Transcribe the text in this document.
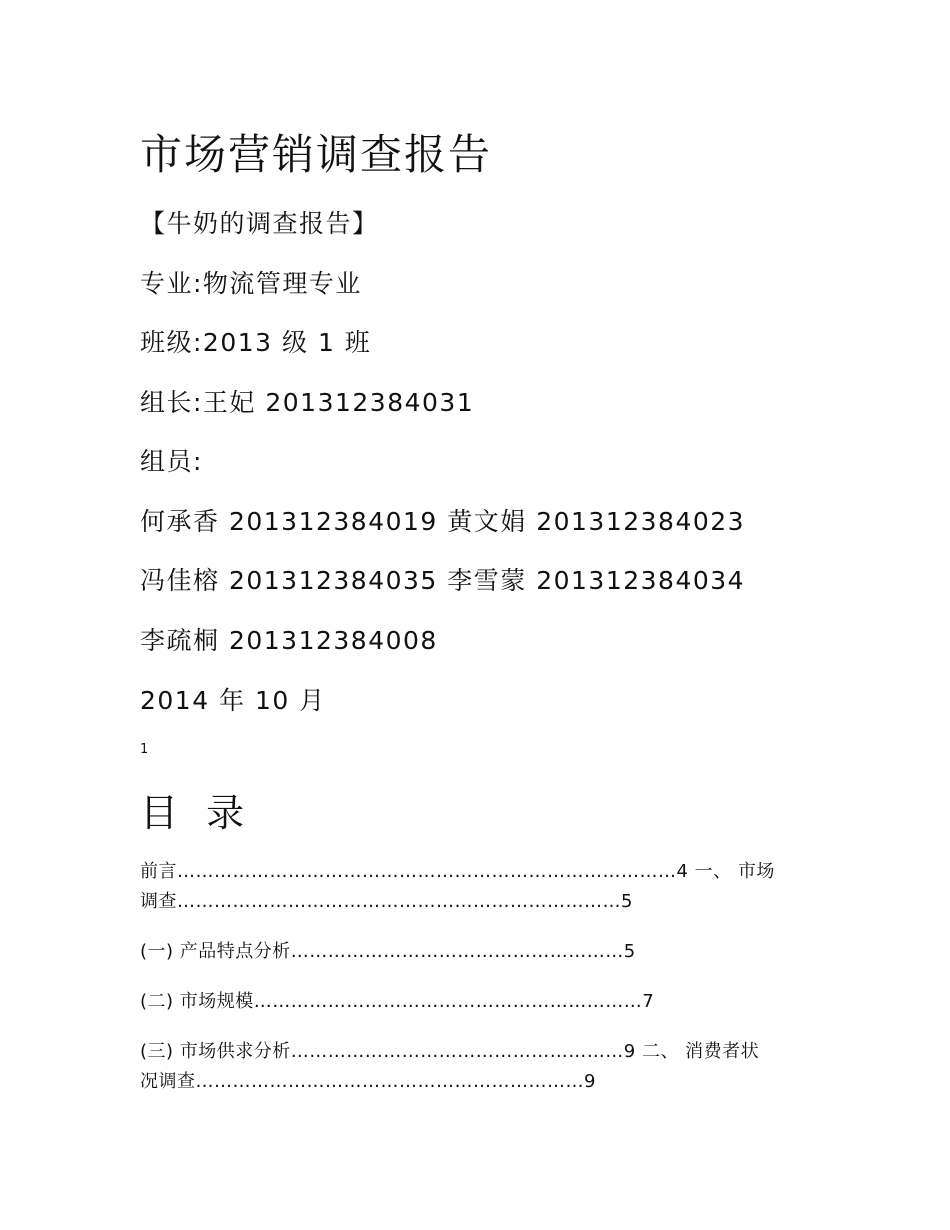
市场营销调查报告
【牛奶的调查报告】
专业:物流管理专业
班级:2013 级 1 班
组长:王妃 201312384031
组员:
何承香 201312384019 黄文娟 201312384023
冯佳榕 201312384035 李雪蒙 201312384034
李疏桐 201312384008
2014 年 10 月
1
目 录
前言………………………………………………………………………4 一、 市场
调查………………………………………………………………5
(一) 产品特点分析………………………………………………5
(二) 市场规模………………………………………………………7
(三) 市场供求分析………………………………………………9 二、 消费者状
况调查………………………………………………………9
